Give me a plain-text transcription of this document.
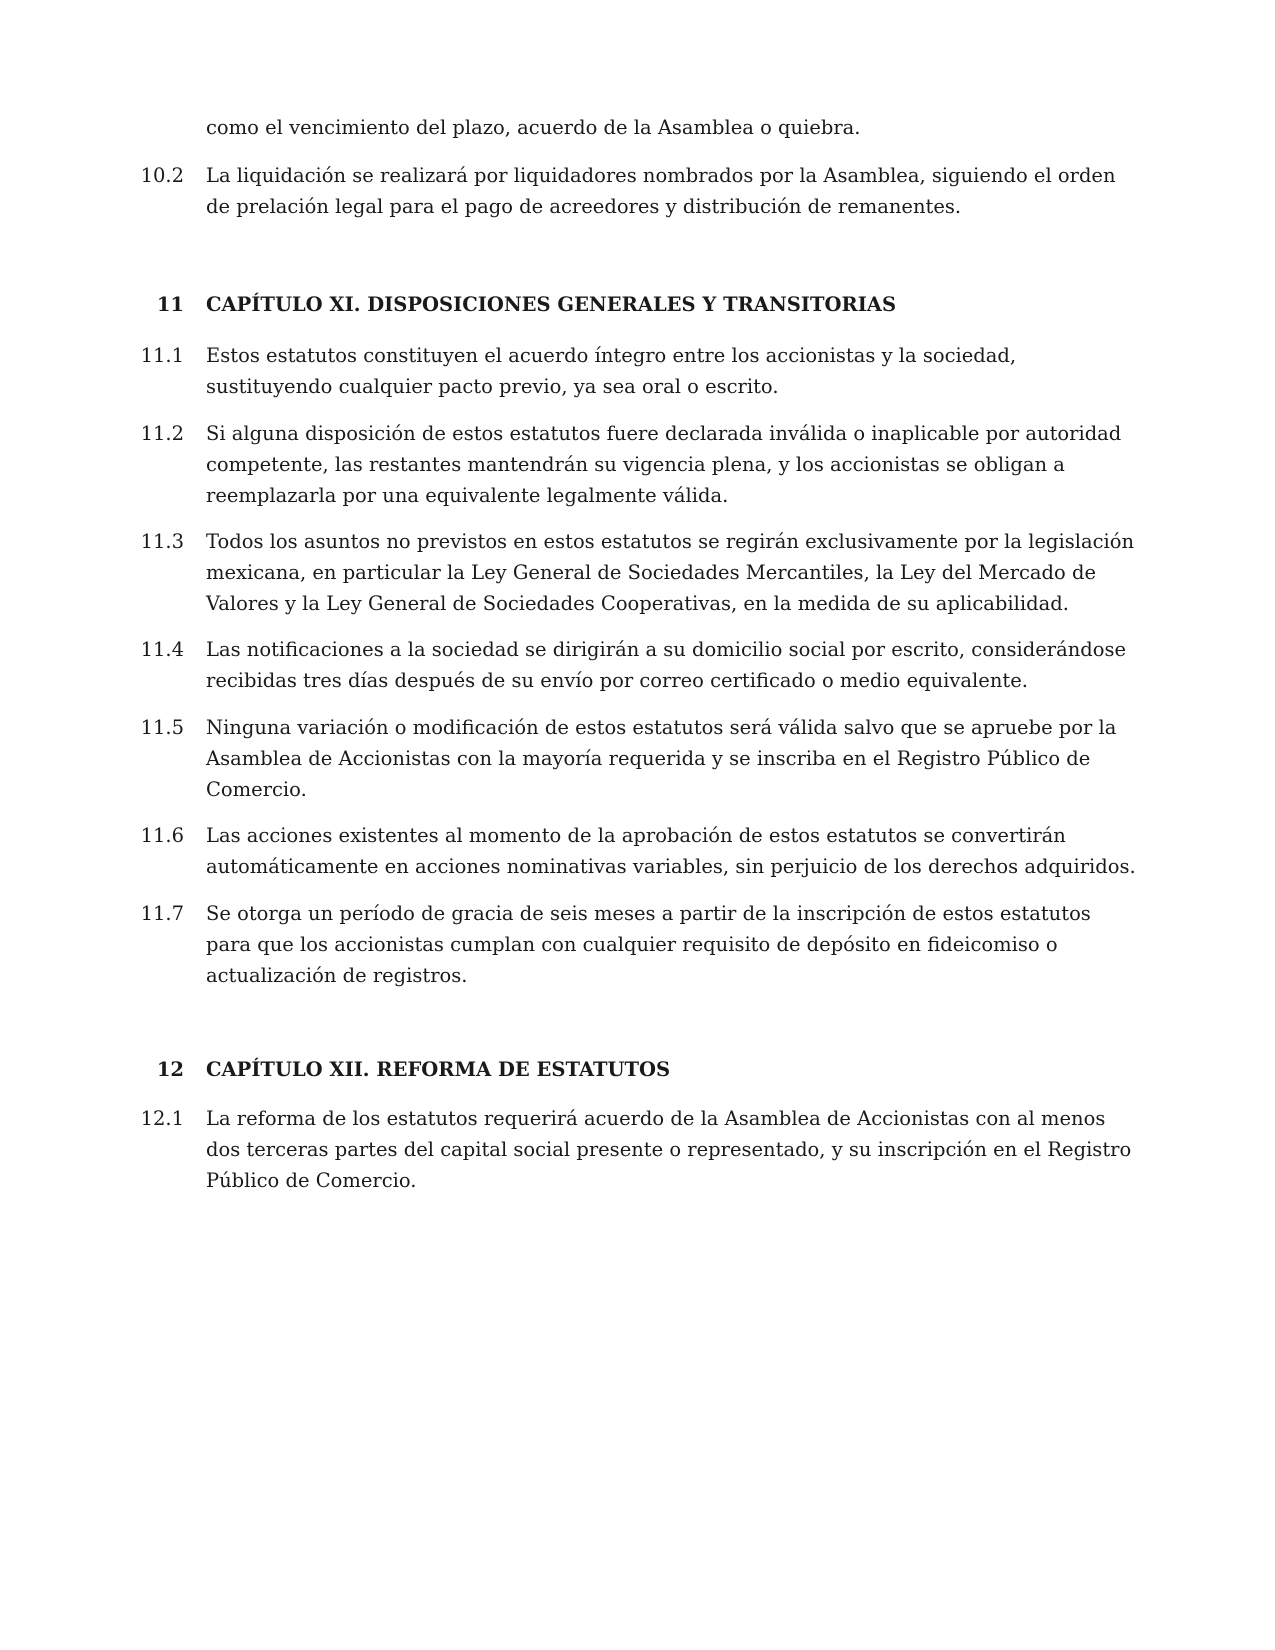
como el vencimiento del plazo, acuerdo de la Asamblea o quiebra.
10.2 La liquidación se realizará por liquidadores nombrados por la Asamblea, siguiendo el orden de prelación legal para el pago de acreedores y distribución de remanentes.
11 CAPÍTULO XI. DISPOSICIONES GENERALES Y TRANSITORIAS
11.1 Estos estatutos constituyen el acuerdo íntegro entre los accionistas y la sociedad, sustituyendo cualquier pacto previo, ya sea oral o escrito.
11.2 Si alguna disposición de estos estatutos fuere declarada inválida o inaplicable por autoridad competente, las restantes mantendrán su vigencia plena, y los accionistas se obligan a reemplazarla por una equivalente legalmente válida.
11.3 Todos los asuntos no previstos en estos estatutos se regirán exclusivamente por la legislación mexicana, en particular la Ley General de Sociedades Mercantiles, la Ley del Mercado de Valores y la Ley General de Sociedades Cooperativas, en la medida de su aplicabilidad.
11.4 Las notificaciones a la sociedad se dirigirán a su domicilio social por escrito, considerándose recibidas tres días después de su envío por correo certificado o medio equivalente.
11.5 Ninguna variación o modificación de estos estatutos será válida salvo que se apruebe por la Asamblea de Accionistas con la mayoría requerida y se inscriba en el Registro Público de Comercio.
11.6 Las acciones existentes al momento de la aprobación de estos estatutos se convertirán automáticamente en acciones nominativas variables, sin perjuicio de los derechos adquiridos.
11.7 Se otorga un período de gracia de seis meses a partir de la inscripción de estos estatutos para que los accionistas cumplan con cualquier requisito de depósito en fideicomiso o actualización de registros.
12 CAPÍTULO XII. REFORMA DE ESTATUTOS
12.1 La reforma de los estatutos requerirá acuerdo de la Asamblea de Accionistas con al menos dos terceras partes del capital social presente o representado, y su inscripción en el Registro Público de Comercio.
